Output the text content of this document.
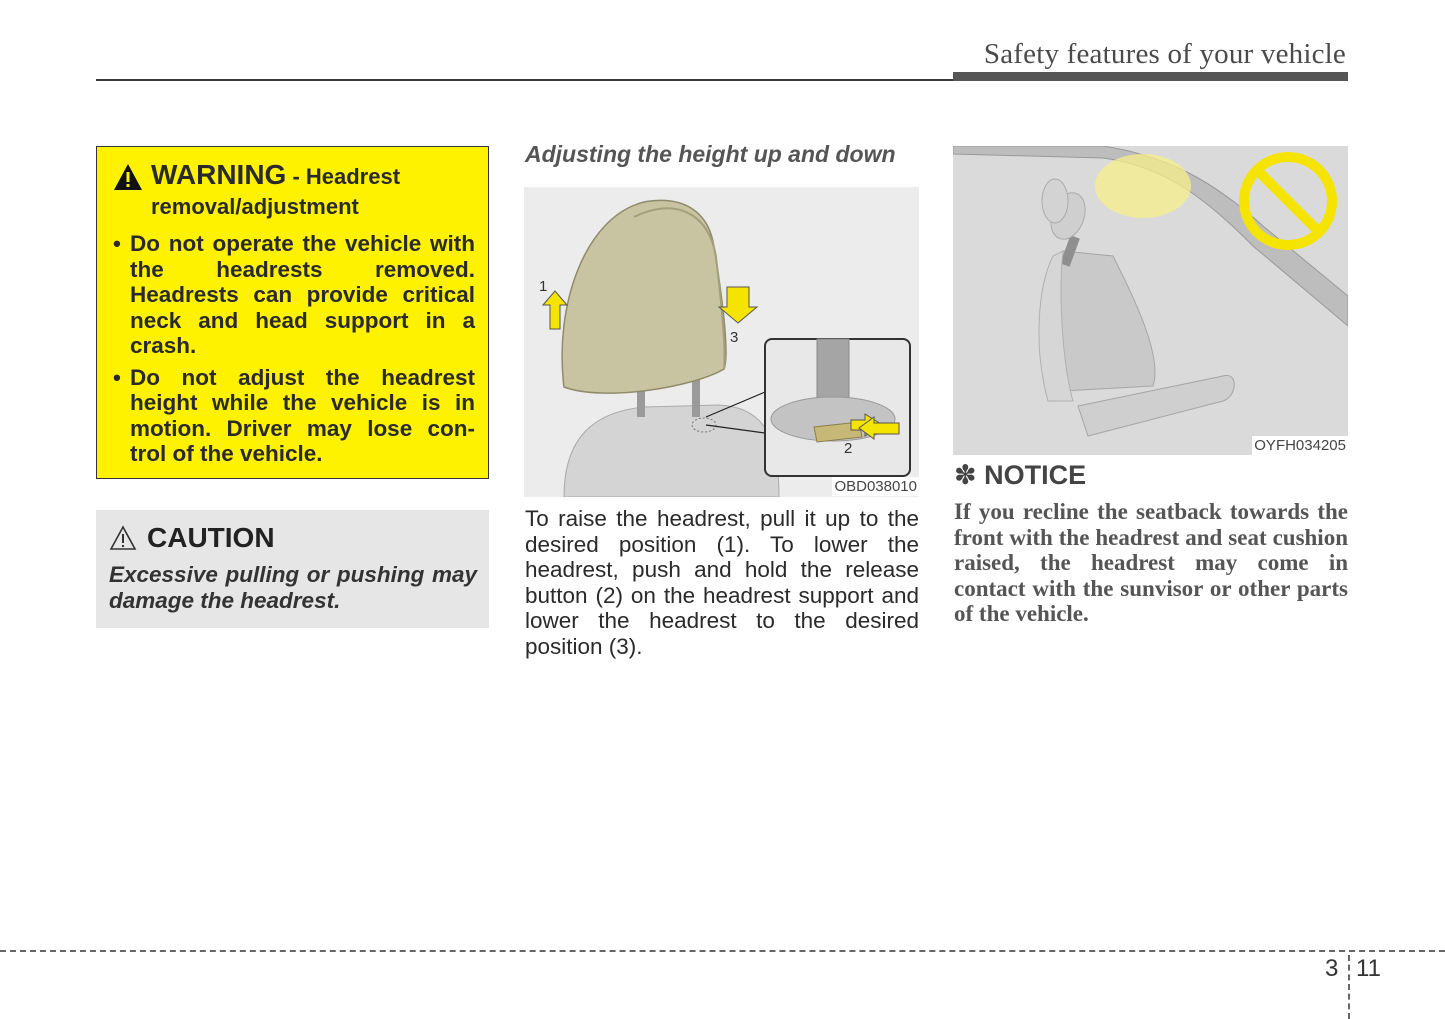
Safety features of your vehicle
WARNING - Headrest
removal/adjustment
• Do not operate the vehicle with the headrests removed. Headrests can provide critical neck and head support in a crash.
• Do not adjust the headrest height while the vehicle is in motion. Driver may lose con-trol of the vehicle.
CAUTION
Excessive pulling or pushing may damage the headrest.
Adjusting the height up and down
1
3
2
OBD038010
To raise the headrest, pull it up to the desired position (1). To lower the headrest, push and hold the release button (2) on the headrest support and lower the headrest to the desired position (3).
OYFH034205
✽ NOTICE
If you recline the seatback towards the front with the headrest and seat cushion raised, the headrest may come in contact with the sunvisor or other parts of the vehicle.
3 11
